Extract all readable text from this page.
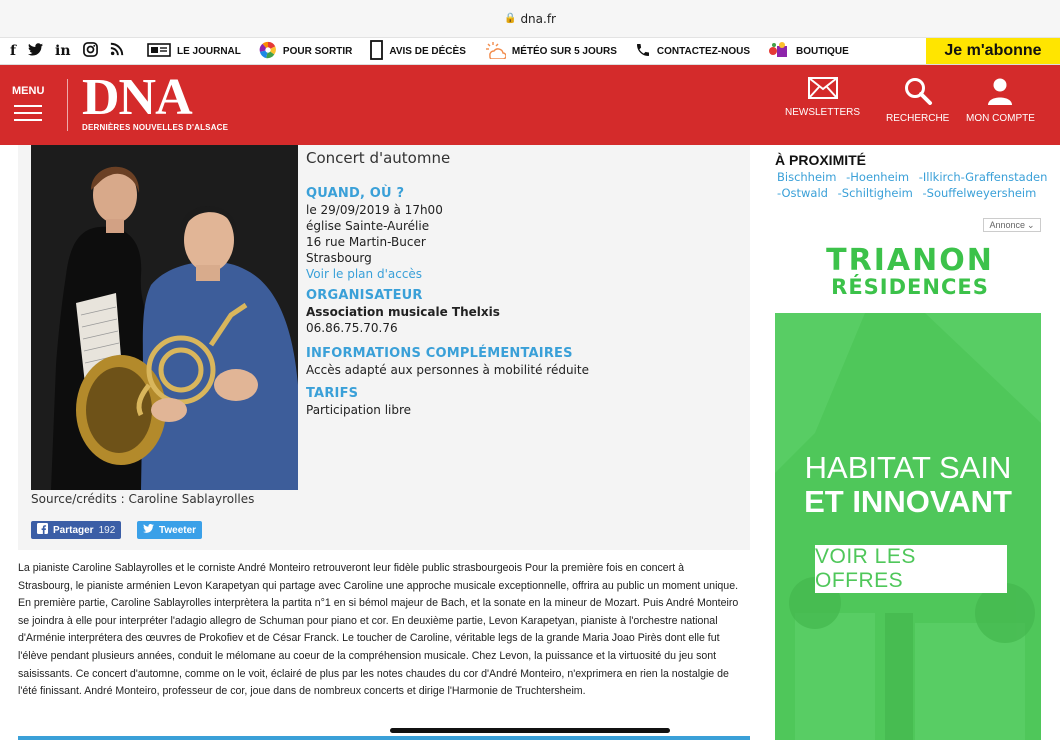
🔒 dna.fr
f	in	LE JOURNAL	POUR SORTIR	AVIS DE DÉCÈS	MÉTÉO SUR 5 JOURS	CONTACTEZ-NOUS	BOUTIQUE	Je m'abonne
MENU DNA
DERNIÈRES NOUVELLES D'ALSACE
NEWSLETTERS
RECHERCHE MON COMPTE
Source/crédits : Caroline Sablayrolles
Partager 192	Tweeter
Concert d'automne
QUAND, OÙ ?
le 29/09/2019 à 17h00
église Sainte-Aurélie
16 rue Martin-Bucer
Strasbourg
Voir le plan d'accès
ORGANISATEUR
Association musicale Thelxis
06.86.75.70.76
INFORMATIONS COMPLÉMENTAIRES
Accès adapté aux personnes à mobilité réduite
TARIFS
Participation libre

La pianiste Caroline Sablayrolles et le corniste André Monteiro retrouveront leur fidèle public strasbourgeois Pour la première fois en concert à Strasbourg, le pianiste arménien Levon Karapetyan qui partage avec Caroline une approche musicale exceptionnelle, offrira au public un moment unique.

En première partie, Caroline Sablayrolles interprètera la partita n°1 en si bémol majeur de Bach, et la sonate en la mineur de Mozart. Puis André Monteiro se joindra à elle pour interpréter l'adagio allegro de Schuman pour piano et cor. En deuxième partie, Levon Karapetyan, pianiste à l'orchestre national d'Arménie interprétera des œuvres de Prokofiev et de César Franck. Le toucher de Caroline, véritable legs de la grande Maria Joao Pirès dont elle fut l'élève pendant plusieurs années, conduit le mélomane au coeur de la compréhension musicale. Chez Levon, la puissance et la virtuosité du jeu sont saisissants. Ce concert d'automne, comme on le voit, éclairé de plus par les notes chaudes du cor d'André Monteiro, n'exprimera en rien la nostalgie de l'été finissant. André Monteiro, professeur de cor, joue dans de nombreux concerts et dirige l'Harmonie de Truchtersheim.

À PROXIMITÉ
Bischheim -Hoenheim -Illkirch-Graffenstaden
-Ostwald -Schiltigheim -Souffelweyersheim
Annonce ⌄
TRIANON
RÉSIDENCES
HABITAT SAIN
ET INNOVANT
VOIR LES OFFRES
